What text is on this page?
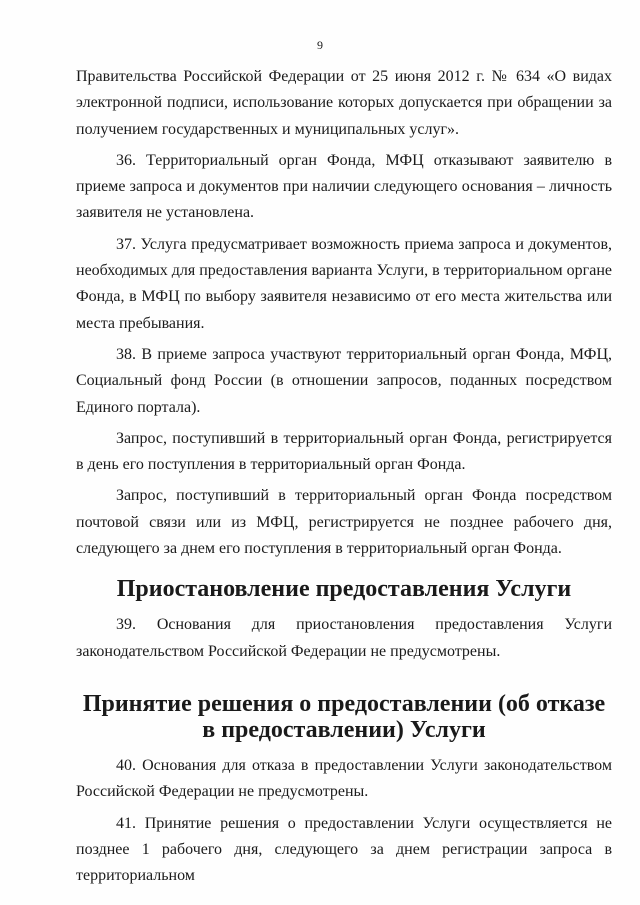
9

Правительства Российской Федерации от 25 июня 2012 г. № 634 «О видах электронной подписи, использование которых допускается при обращении за получением государственных и муниципальных услуг».

36. Территориальный орган Фонда, МФЦ отказывают заявителю в приеме запроса и документов при наличии следующего основания – личность заявителя не установлена.

37. Услуга предусматривает возможность приема запроса и документов, необходимых для предоставления варианта Услуги, в территориальном органе Фонда, в МФЦ по выбору заявителя независимо от его места жительства или места пребывания.

38. В приеме запроса участвуют территориальный орган Фонда, МФЦ, Социальный фонд России (в отношении запросов, поданных посредством Единого портала).

Запрос, поступивший в территориальный орган Фонда, регистрируется в день его поступления в территориальный орган Фонда.

Запрос, поступивший в территориальный орган Фонда посредством почтовой связи или из МФЦ, регистрируется не позднее рабочего дня, следующего за днем его поступления в территориальный орган Фонда.

Приостановление предоставления Услуги

39. Основания для приостановления предоставления Услуги законодательством Российской Федерации не предусмотрены.

Принятие решения о предоставлении (об отказе в предоставлении) Услуги

40. Основания для отказа в предоставлении Услуги законодательством Российской Федерации не предусмотрены.

41. Принятие решения о предоставлении Услуги осуществляется не позднее 1 рабочего дня, следующего за днем регистрации запроса в территориальном
